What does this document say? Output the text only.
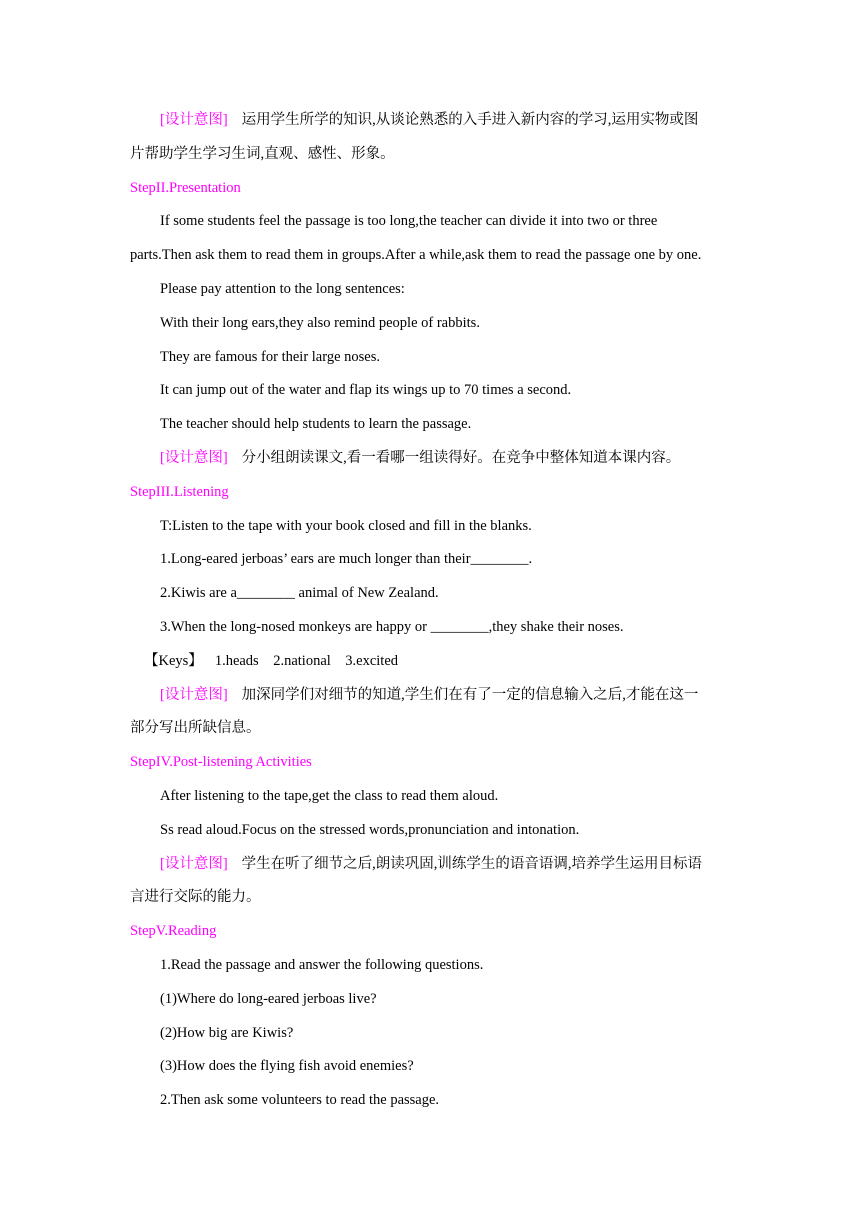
[设计意图] 运用学生所学的知识,从谈论熟悉的入手进入新内容的学习,运用实物或图
片帮助学生学习生词,直观、感性、形象。
StepII.Presentation
If some students feel the passage is too long,the teacher can divide it into two or three
parts.Then ask them to read them in groups.After a while,ask them to read the passage one by one.
Please pay attention to the long sentences:
With their long ears,they also remind people of rabbits.
They are famous for their large noses.
It can jump out of the water and flap its wings up to 70 times a second.
The teacher should help students to learn the passage.
[设计意图] 分小组朗读课文,看一看哪一组读得好。在竞争中整体知道本课内容。
StepIII.Listening
T:Listen to the tape with your book closed and fill in the blanks.
1.Long-eared jerboas’ ears are much longer than their________.
2.Kiwis are a________ animal of New Zealand.
3.When the long-nosed monkeys are happy or ________,they shake their noses.
【Keys】 1.heads    2.national    3.excited
[设计意图] 加深同学们对细节的知道,学生们在有了一定的信息输入之后,才能在这一
部分写出所缺信息。
StepIV.Post-listening Activities
After listening to the tape,get the class to read them aloud.
Ss read aloud.Focus on the stressed words,pronunciation and intonation.
[设计意图] 学生在听了细节之后,朗读巩固,训练学生的语音语调,培养学生运用目标语
言进行交际的能力。
StepV.Reading
1.Read the passage and answer the following questions.
(1)Where do long-eared jerboas live?
(2)How big are Kiwis?
(3)How does the flying fish avoid enemies?
2.Then ask some volunteers to read the passage.
